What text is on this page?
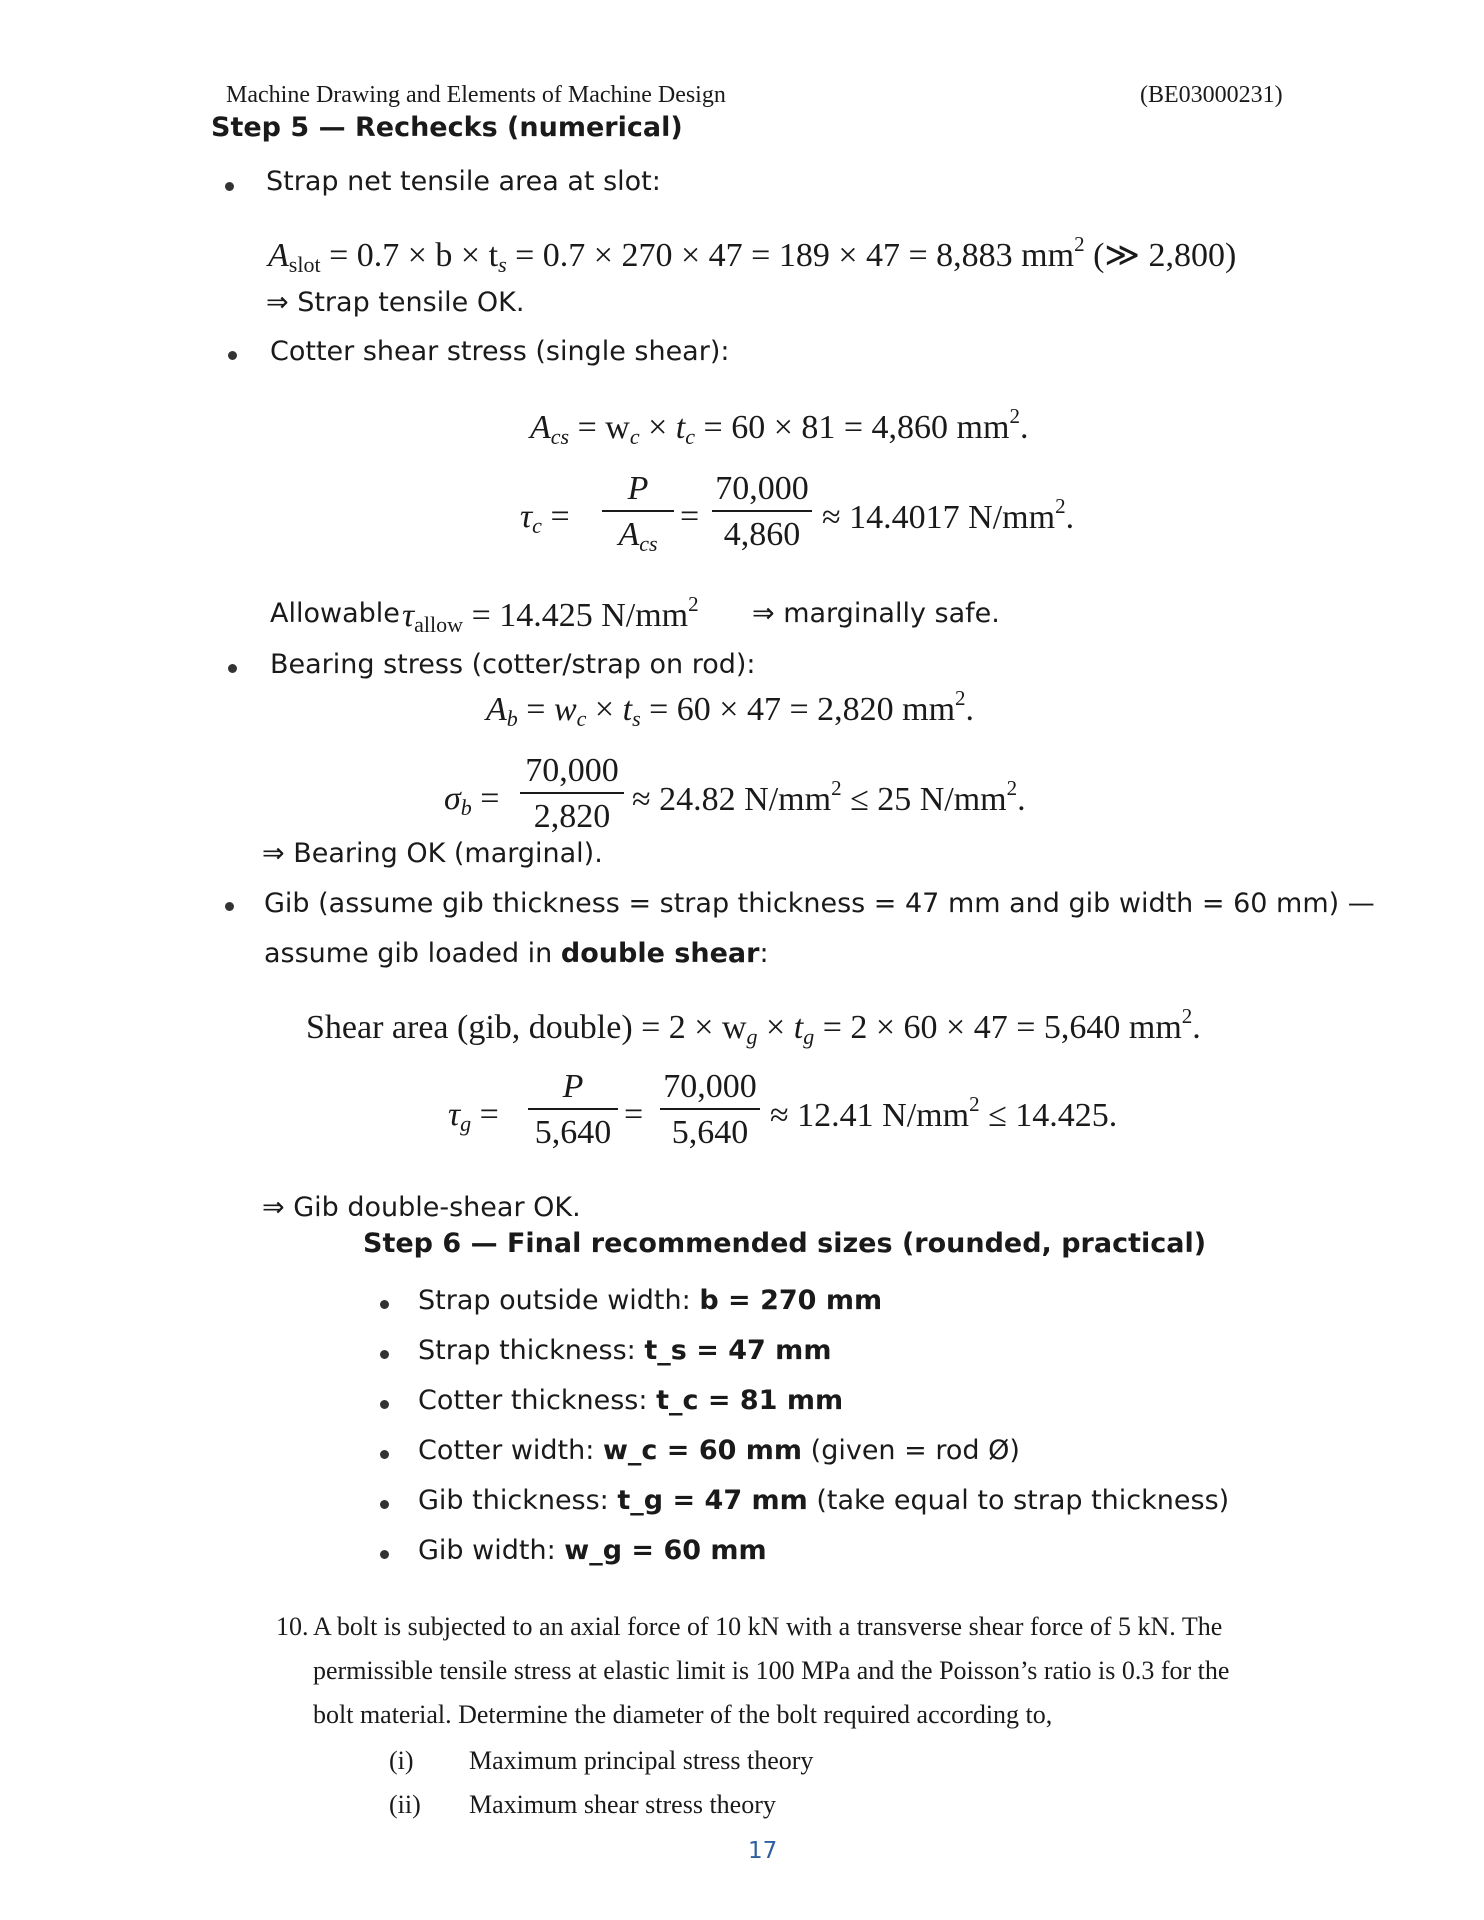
Machine Drawing and Elements of Machine Design	(BE03000231)
Step 5 — Rechecks (numerical)
Strap net tensile area at slot:
$A_{slot} = 0.7 \times b \times t_s = 0.7 \times 270 \times 47 = 189 \times 47 = 8,883$ $mm^2$ (≫ 2,800)
⇒ Strap tensile OK.
Cotter shear stress (single shear):
$A_{cs} = w_c \times t_c = 60 \times 81 = 4,860$ $mm^2$.
$\tau_c$ =
P
$A_{cs}$
=
70,000
4,860 ≈ 14.4017 $N/mm^2$.
Allowable $\tau_{allow} = 14.425$ $N/mm^2$ ⇒ marginally safe.
Bearing stress (cotter/strap on rod):
$A_b = w_c \times t_s = 60 \times 47 = 2,820$ $mm^2$.
$\sigma_b$ =
70,000
2,820 ≈ 24.82 $N/mm^2 \le 25$ $N/mm^2$.
⇒ Bearing OK (marginal).
Gib (assume gib thickness = strap thickness = 47 mm and gib width = 60 mm) —
assume gib loaded in double shear:
Shear area (gib, double) = $2 \times w_g \times t_g = 2 \times 60 \times 47 = 5,640$ $mm^2$.
$\tau_g$ =
P
5,640 =
70,000
5,640 ≈ 12.41 $N/mm^2 \le 14.425$.
⇒ Gib double-shear OK.
Step 6 — Final recommended sizes (rounded, practical)
Strap outside width: b = 270 mm
Strap thickness: t_s = 47 mm
Cotter thickness: t_c = 81 mm
Cotter width: w_c = 60 mm (given = rod Ø)
Gib thickness: t_g = 47 mm (take equal to strap thickness)
Gib width: w_g = 60 mm
10. A bolt is subjected to an axial force of 10 kN with a transverse shear force of 5 kN. The
permissible tensile stress at elastic limit is 100 MPa and the Poisson’s ratio is 0.3 for the
bolt material. Determine the diameter of the bolt required according to,
(i) Maximum principal stress theory
(ii) Maximum shear stress theory
17
